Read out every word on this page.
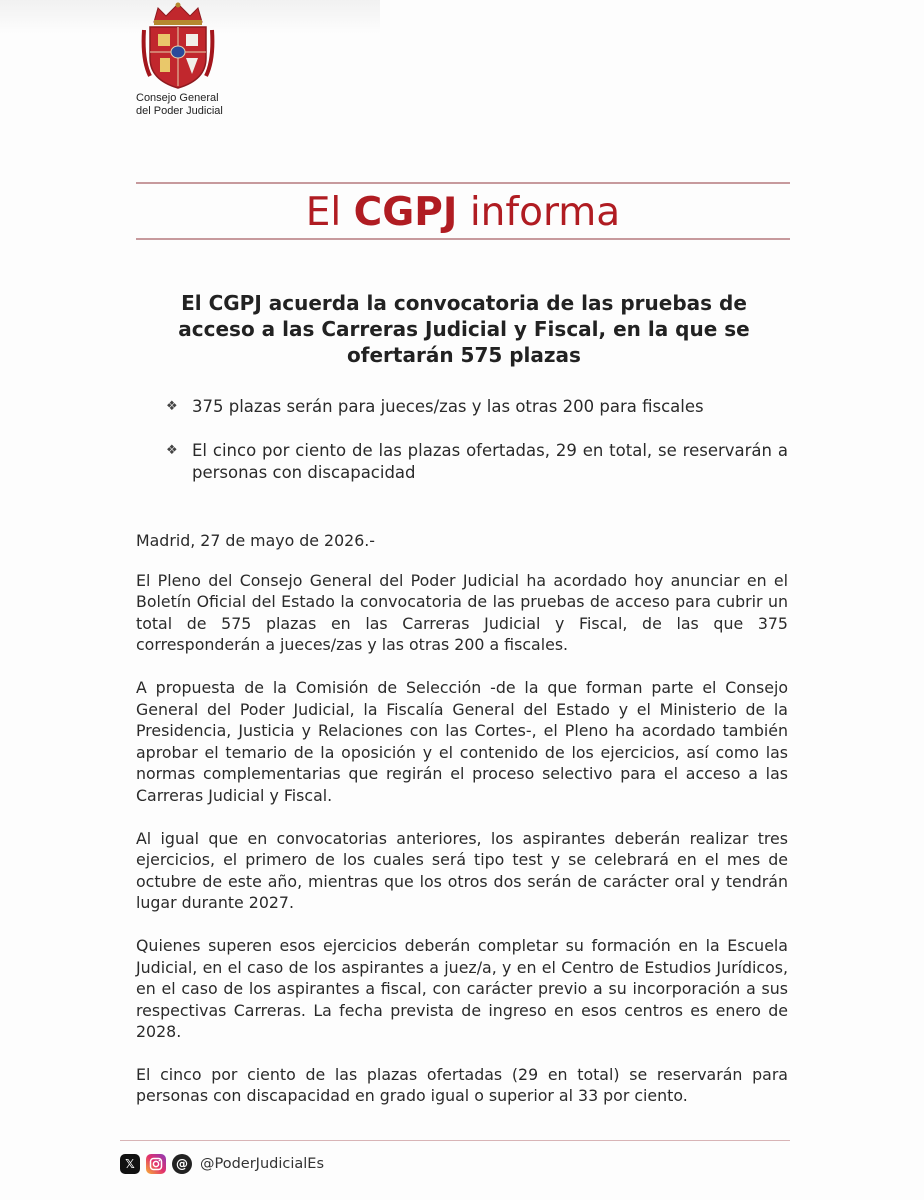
Consejo General
del Poder Judicial
El CGPJ informa
El CGPJ acuerda la convocatoria de las pruebas de acceso a las Carreras Judicial y Fiscal, en la que se ofertarán 575 plazas
❖ 375 plazas serán para jueces/zas y las otras 200 para fiscales
❖ El cinco por ciento de las plazas ofertadas, 29 en total, se reservarán a personas con discapacidad

Madrid, 27 de mayo de 2026.-

El Pleno del Consejo General del Poder Judicial ha acordado hoy anunciar en el Boletín Oficial del Estado la convocatoria de las pruebas de acceso para cubrir un total de 575 plazas en las Carreras Judicial y Fiscal, de las que 375 corresponderán a jueces/zas y las otras 200 a fiscales.

A propuesta de la Comisión de Selección -de la que forman parte el Consejo General del Poder Judicial, la Fiscalía General del Estado y el Ministerio de la Presidencia, Justicia y Relaciones con las Cortes-, el Pleno ha acordado también aprobar el temario de la oposición y el contenido de los ejercicios, así como las normas complementarias que regirán el proceso selectivo para el acceso a las Carreras Judicial y Fiscal.

Al igual que en convocatorias anteriores, los aspirantes deberán realizar tres ejercicios, el primero de los cuales será tipo test y se celebrará en el mes de octubre de este año, mientras que los otros dos serán de carácter oral y tendrán lugar durante 2027.

Quienes superen esos ejercicios deberán completar su formación en la Escuela Judicial, en el caso de los aspirantes a juez/a, y en el Centro de Estudios Jurídicos, en el caso de los aspirantes a fiscal, con carácter previo a su incorporación a sus respectivas Carreras. La fecha prevista de ingreso en esos centros es enero de 2028.

El cinco por ciento de las plazas ofertadas (29 en total) se reservarán para personas con discapacidad en grado igual o superior al 33 por ciento.

𝕏	@ @PoderJudicialEs
